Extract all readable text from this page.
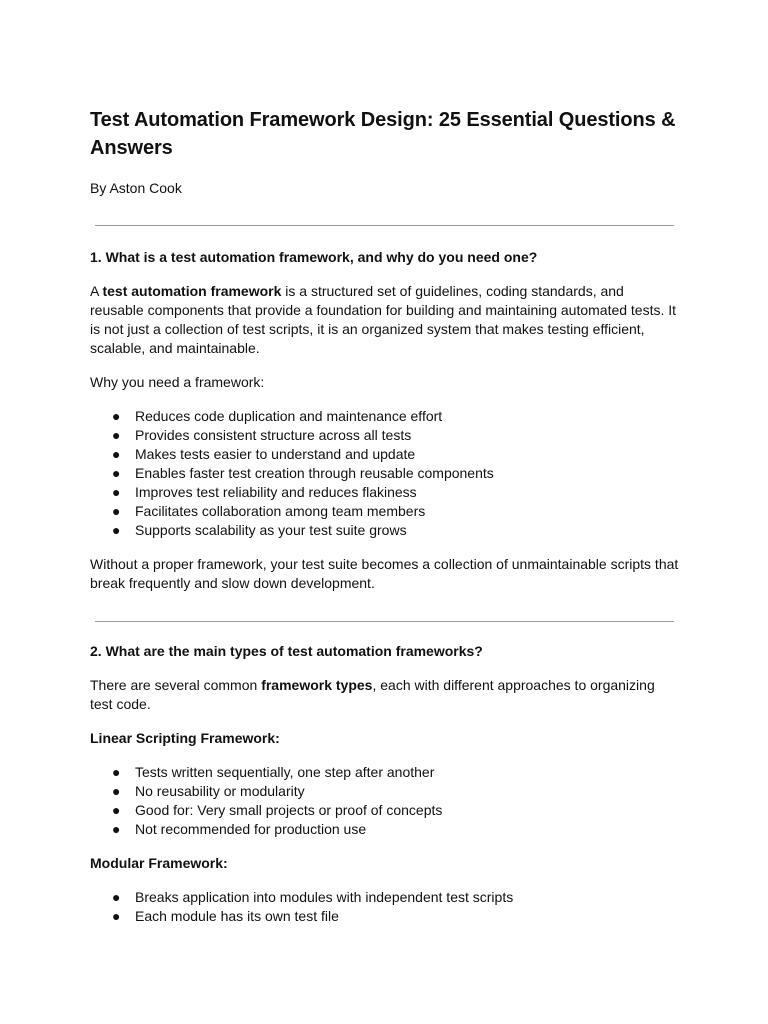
Test Automation Framework Design: 25 Essential Questions & Answers

By Aston Cook

1. What is a test automation framework, and why do you need one?

A test automation framework is a structured set of guidelines, coding standards, and reusable components that provide a foundation for building and maintaining automated tests. It is not just a collection of test scripts, it is an organized system that makes testing efficient, scalable, and maintainable.

Why you need a framework:

● Reduces code duplication and maintenance effort
● Provides consistent structure across all tests
● Makes tests easier to understand and update
● Enables faster test creation through reusable components
● Improves test reliability and reduces flakiness
● Facilitates collaboration among team members
● Supports scalability as your test suite grows

Without a proper framework, your test suite becomes a collection of unmaintainable scripts that break frequently and slow down development.

2. What are the main types of test automation frameworks?

There are several common framework types, each with different approaches to organizing test code.

Linear Scripting Framework:

● Tests written sequentially, one step after another
● No reusability or modularity
● Good for: Very small projects or proof of concepts
● Not recommended for production use

Modular Framework:

● Breaks application into modules with independent test scripts
● Each module has its own test file
